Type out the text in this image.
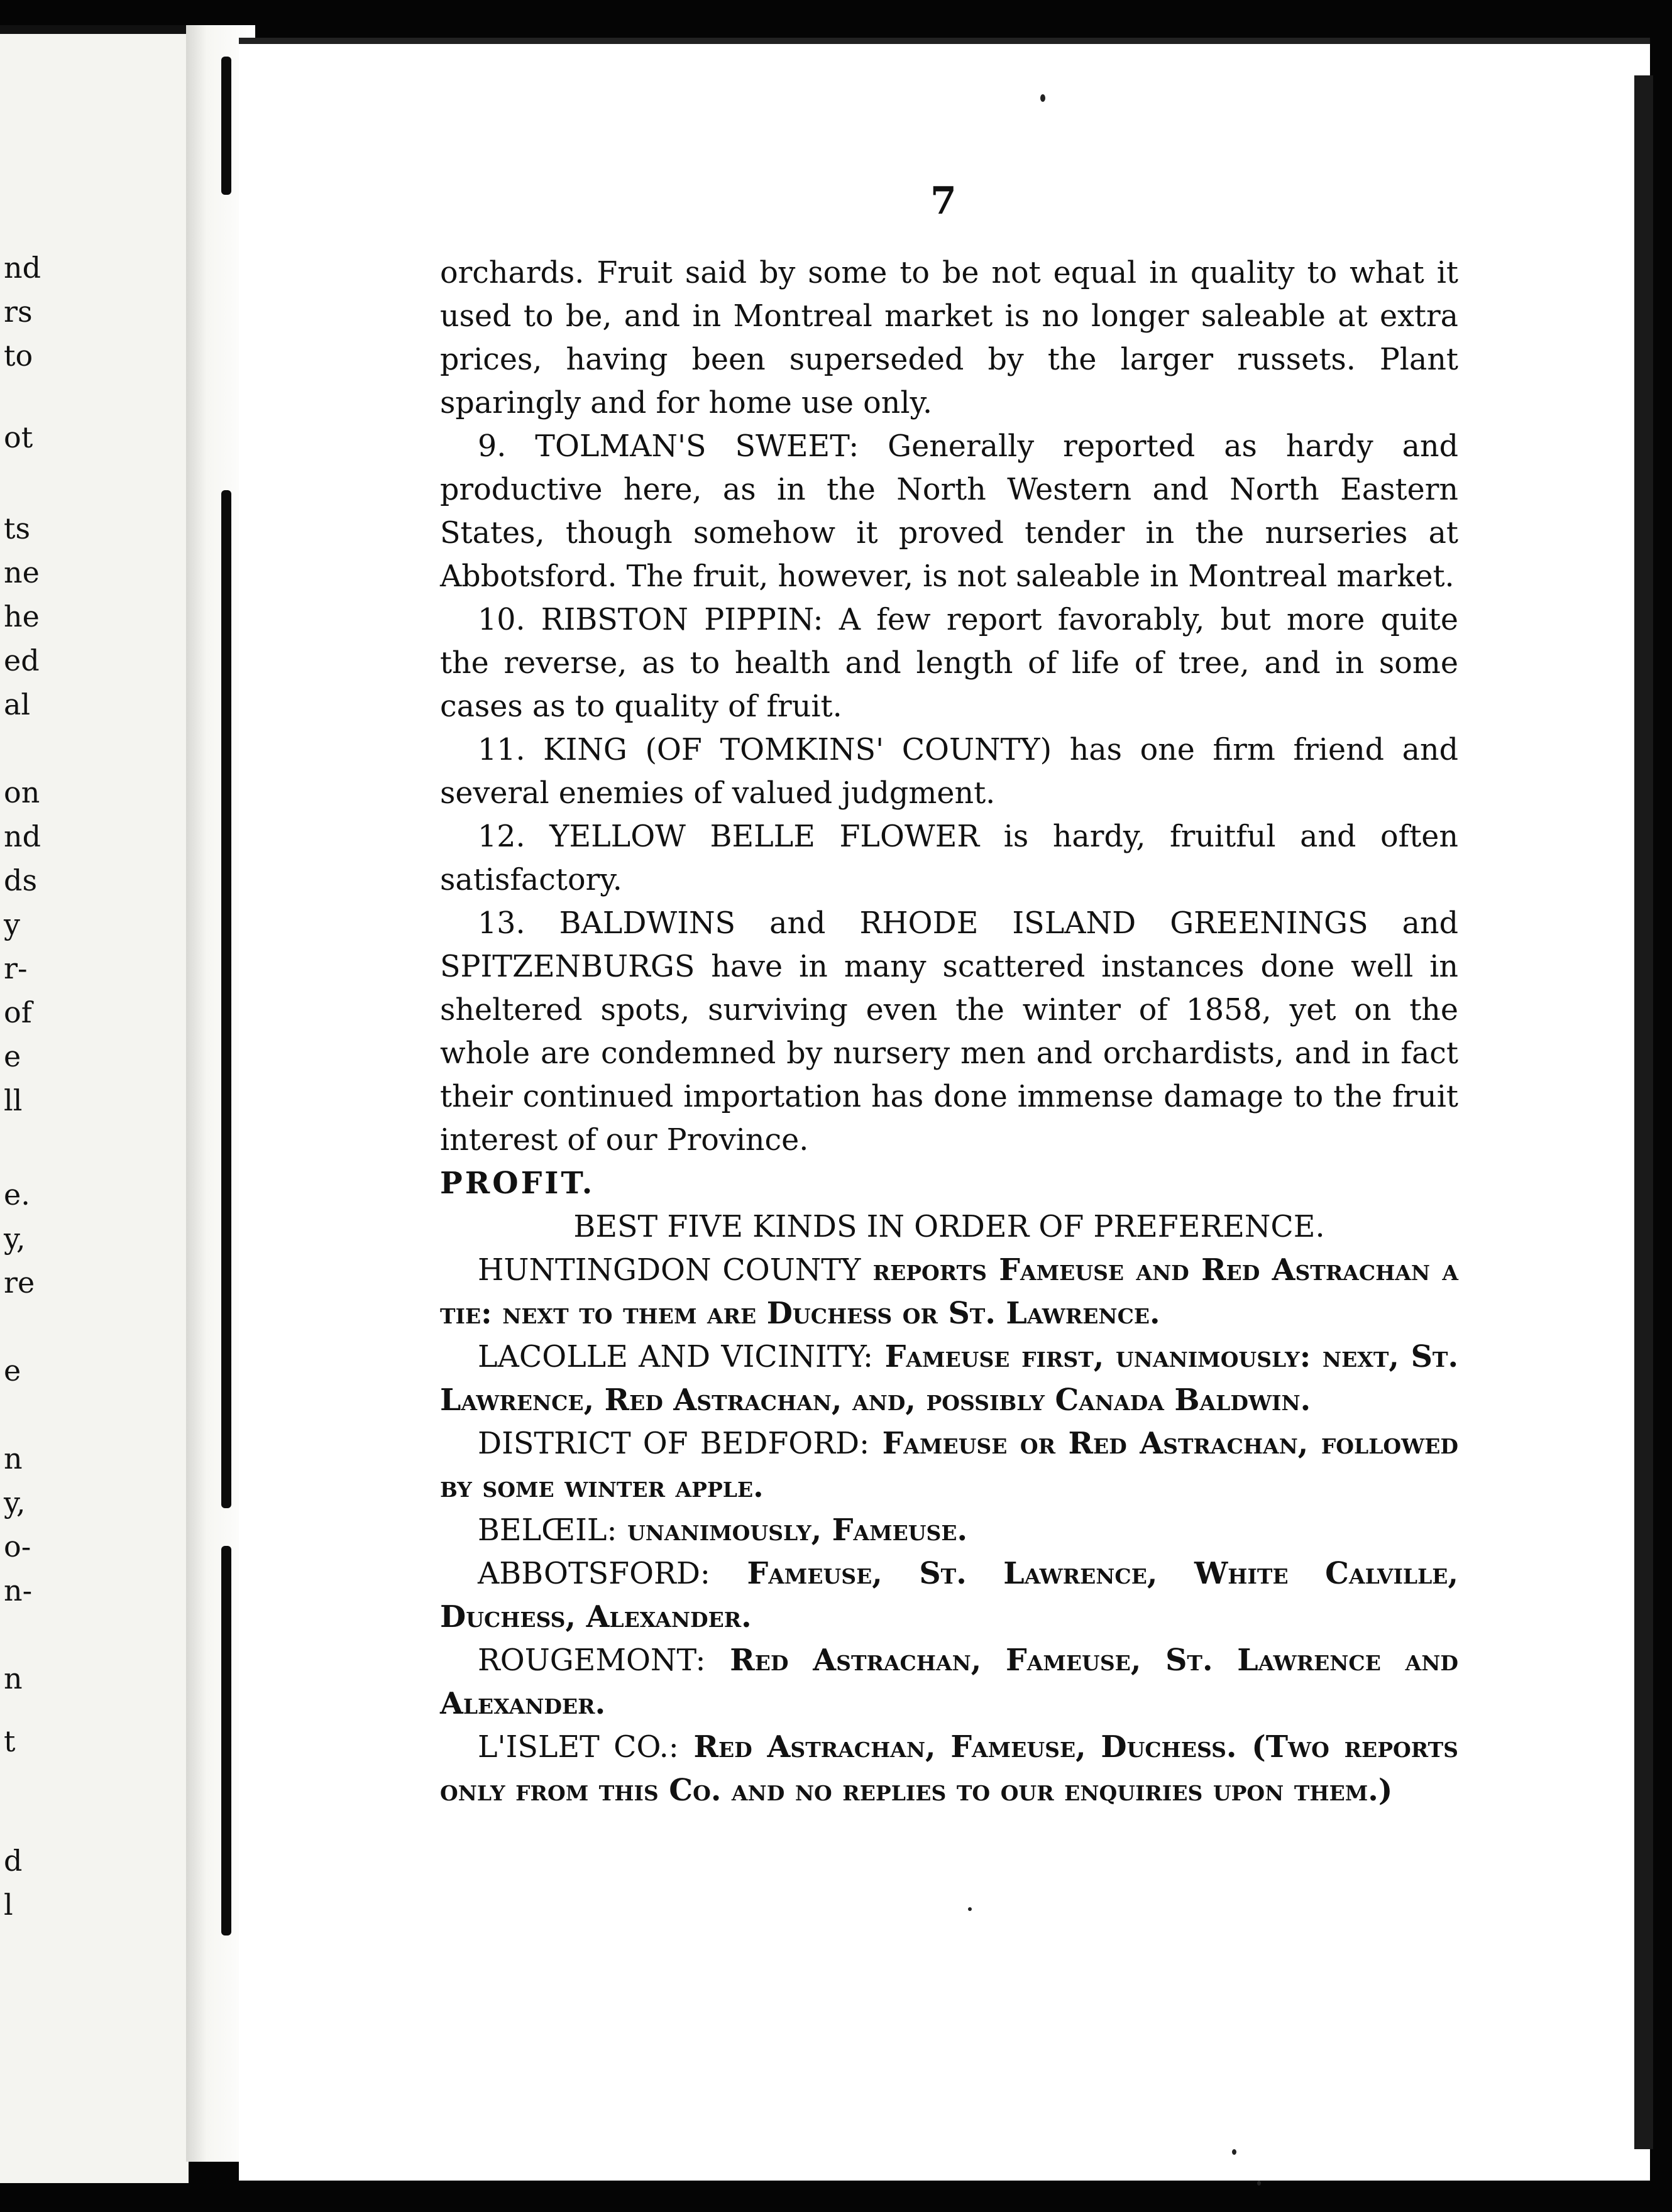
nd
rs
to
ot
ts
ne
he
ed
al
on
nd
ds
y
r-
of
e
ll
e.
y,
re
e
n
y,
o-
n-
n
t
d
l
7

orchards. Fruit said by some to be not equal in quality to what it used to be, and in Montreal market is no longer saleable at extra prices, having been superseded by the larger russets. Plant sparingly and for home use only.

9. TOLMAN'S SWEET: Generally reported as hardy and productive here, as in the North Western and North Eastern States, though somehow it proved tender in the nurseries at Abbotsford. The fruit, however, is not saleable in Montreal market.

10. RIBSTON PIPPIN: A few report favorably, but more quite the reverse, as to health and length of life of tree, and in some cases as to quality of fruit.

11. KING (OF TOMKINS' COUNTY) has one firm friend and several enemies of valued judgment.

12. YELLOW BELLE FLOWER is hardy, fruitful and often satisfactory.

13. BALDWINS and RHODE ISLAND GREENINGS and SPITZENBURGS have in many scattered instances done well in sheltered spots, surviving even the winter of 1858, yet on the whole are condemned by nursery men and orchardists, and in fact their continued importation has done immense damage to the fruit interest of our Province.

PROFIT.

BEST FIVE KINDS IN ORDER OF PREFERENCE.

HUNTINGDON COUNTY reports Fameuse and Red Astrachan a tie: next to them are Duchess or St. Lawrence.

LACOLLE AND VICINITY: Fameuse first, unanimously: next, St. Lawrence, Red Astrachan, and, possibly Canada Baldwin.

DISTRICT OF BEDFORD: Fameuse or Red Astrachan, followed by some winter apple.

BELŒIL: unanimously, Fameuse.

ABBOTSFORD: Fameuse, St. Lawrence, White Calville, Duchess, Alexander.

ROUGEMONT: Red Astrachan, Fameuse, St. Lawrence and Alexander.

L'ISLET CO.: Red Astrachan, Fameuse, Duchess. (Two reports only from this Co. and no replies to our enquiries upon them.)
